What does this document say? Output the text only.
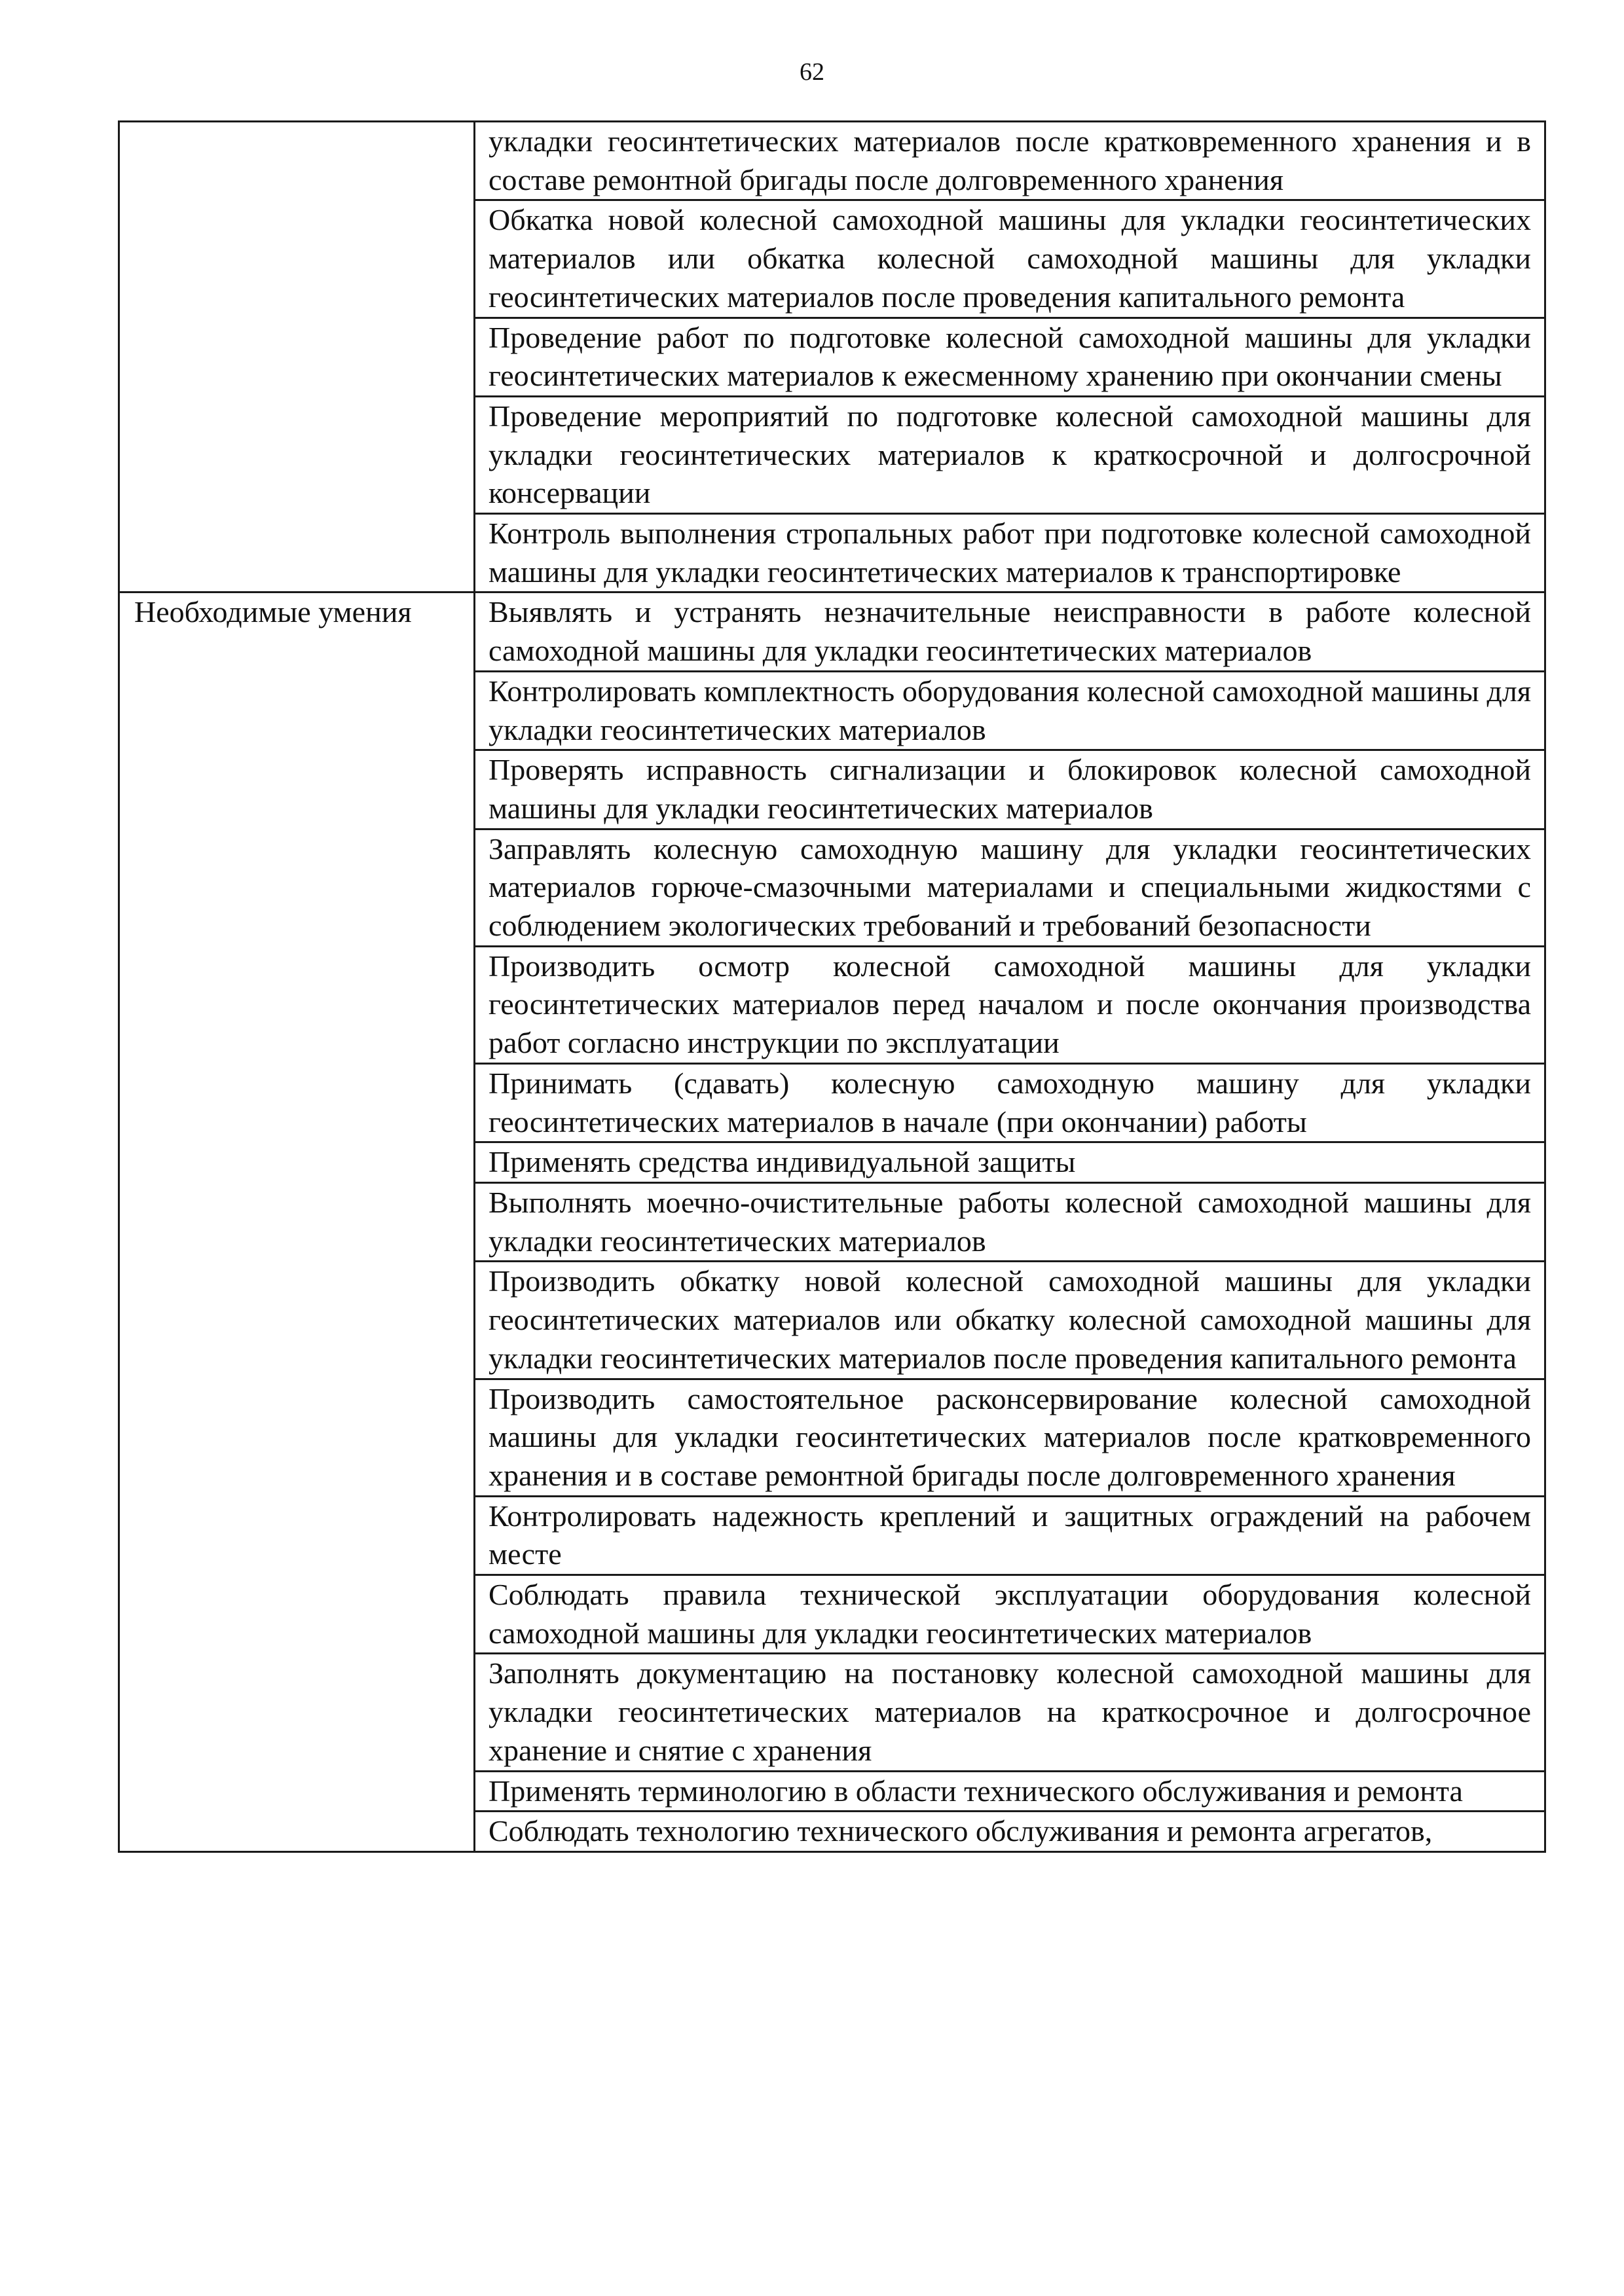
62
	укладки геосинтетических материалов после кратковременного хранения и в составе ремонтной бригады после долговременного хранения
	Обкатка новой колесной самоходной машины для укладки геосинтетических материалов или обкатка колесной самоходной машины для укладки геосинтетических материалов после проведения капитального ремонта
	Проведение работ по подготовке колесной самоходной машины для укладки геосинтетических материалов к ежесменному хранению при окончании смены
	Проведение мероприятий по подготовке колесной самоходной машины для укладки геосинтетических материалов к краткосрочной и долгосрочной консервации
	Контроль выполнения стропальных работ при подготовке колесной самоходной машины для укладки геосинтетических материалов к транспортировке
Необходимые умения	Выявлять и устранять незначительные неисправности в работе колесной самоходной машины для укладки геосинтетических материалов
	Контролировать комплектность оборудования колесной самоходной машины для укладки геосинтетических материалов
	Проверять исправность сигнализации и блокировок колесной самоходной машины для укладки геосинтетических материалов
	Заправлять колесную самоходную машину для укладки геосинтетических материалов горюче-смазочными материалами и специальными жидкостями с соблюдением экологических требований и требований безопасности
	Производить осмотр колесной самоходной машины для укладки геосинтетических материалов перед началом и после окончания производства работ согласно инструкции по эксплуатации
	Принимать (сдавать) колесную самоходную машину для укладки геосинтетических материалов в начале (при окончании) работы
	Применять средства индивидуальной защиты
	Выполнять моечно-очистительные работы колесной самоходной машины для укладки геосинтетических материалов
	Производить обкатку новой колесной самоходной машины для укладки геосинтетических материалов или обкатку колесной самоходной машины для укладки геосинтетических материалов после проведения капитального ремонта
	Производить самостоятельное расконсервирование колесной самоходной машины для укладки геосинтетических материалов после кратковременного хранения и в составе ремонтной бригады после долговременного хранения
	Контролировать надежность креплений и защитных ограждений на рабочем месте
	Соблюдать правила технической эксплуатации оборудования колесной самоходной машины для укладки геосинтетических материалов
	Заполнять документацию на постановку колесной самоходной машины для укладки геосинтетических материалов на краткосрочное и долгосрочное хранение и снятие с хранения
	Применять терминологию в области технического обслуживания и ремонта
	Соблюдать технологию технического обслуживания и ремонта агрегатов,
